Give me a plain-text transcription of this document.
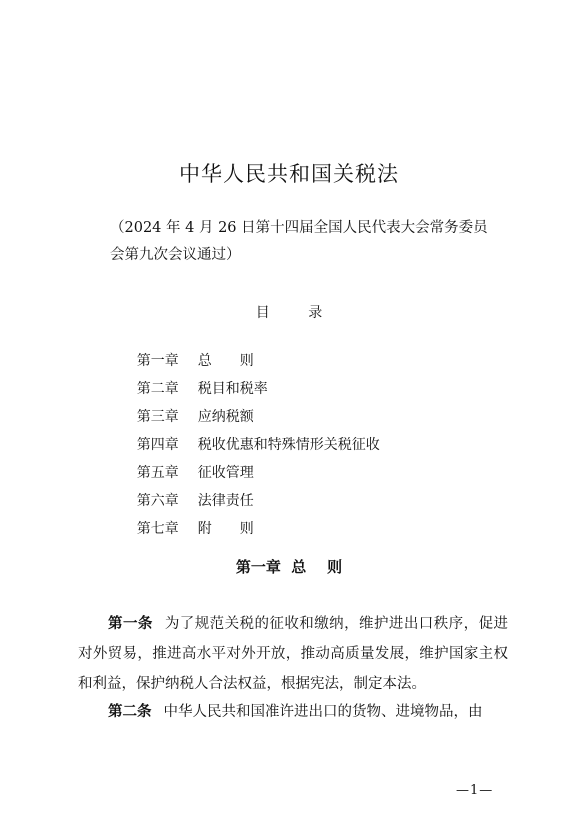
中华人民共和国关税法
（2024 年 4 月 26 日第十四届全国人民代表大会常务委员会第九次会议通过）
目 录

第一章 总　　则

第二章 税目和税率

第三章 应纳税额

第四章 税收优惠和特殊情形关税征收

第五章 征收管理

第六章 法律责任

第七章 附　　则

第一章  总    则
第一条 为了规范关税的征收和缴纳，维护进出口秩序，促进对外贸易，推进高水平对外开放，推动高质量发展，维护国家主权和利益，保护纳税人合法权益，根据宪法，制定本法。
第二条 中华人民共和国准许进出口的货物、进境物品，由
—1—
